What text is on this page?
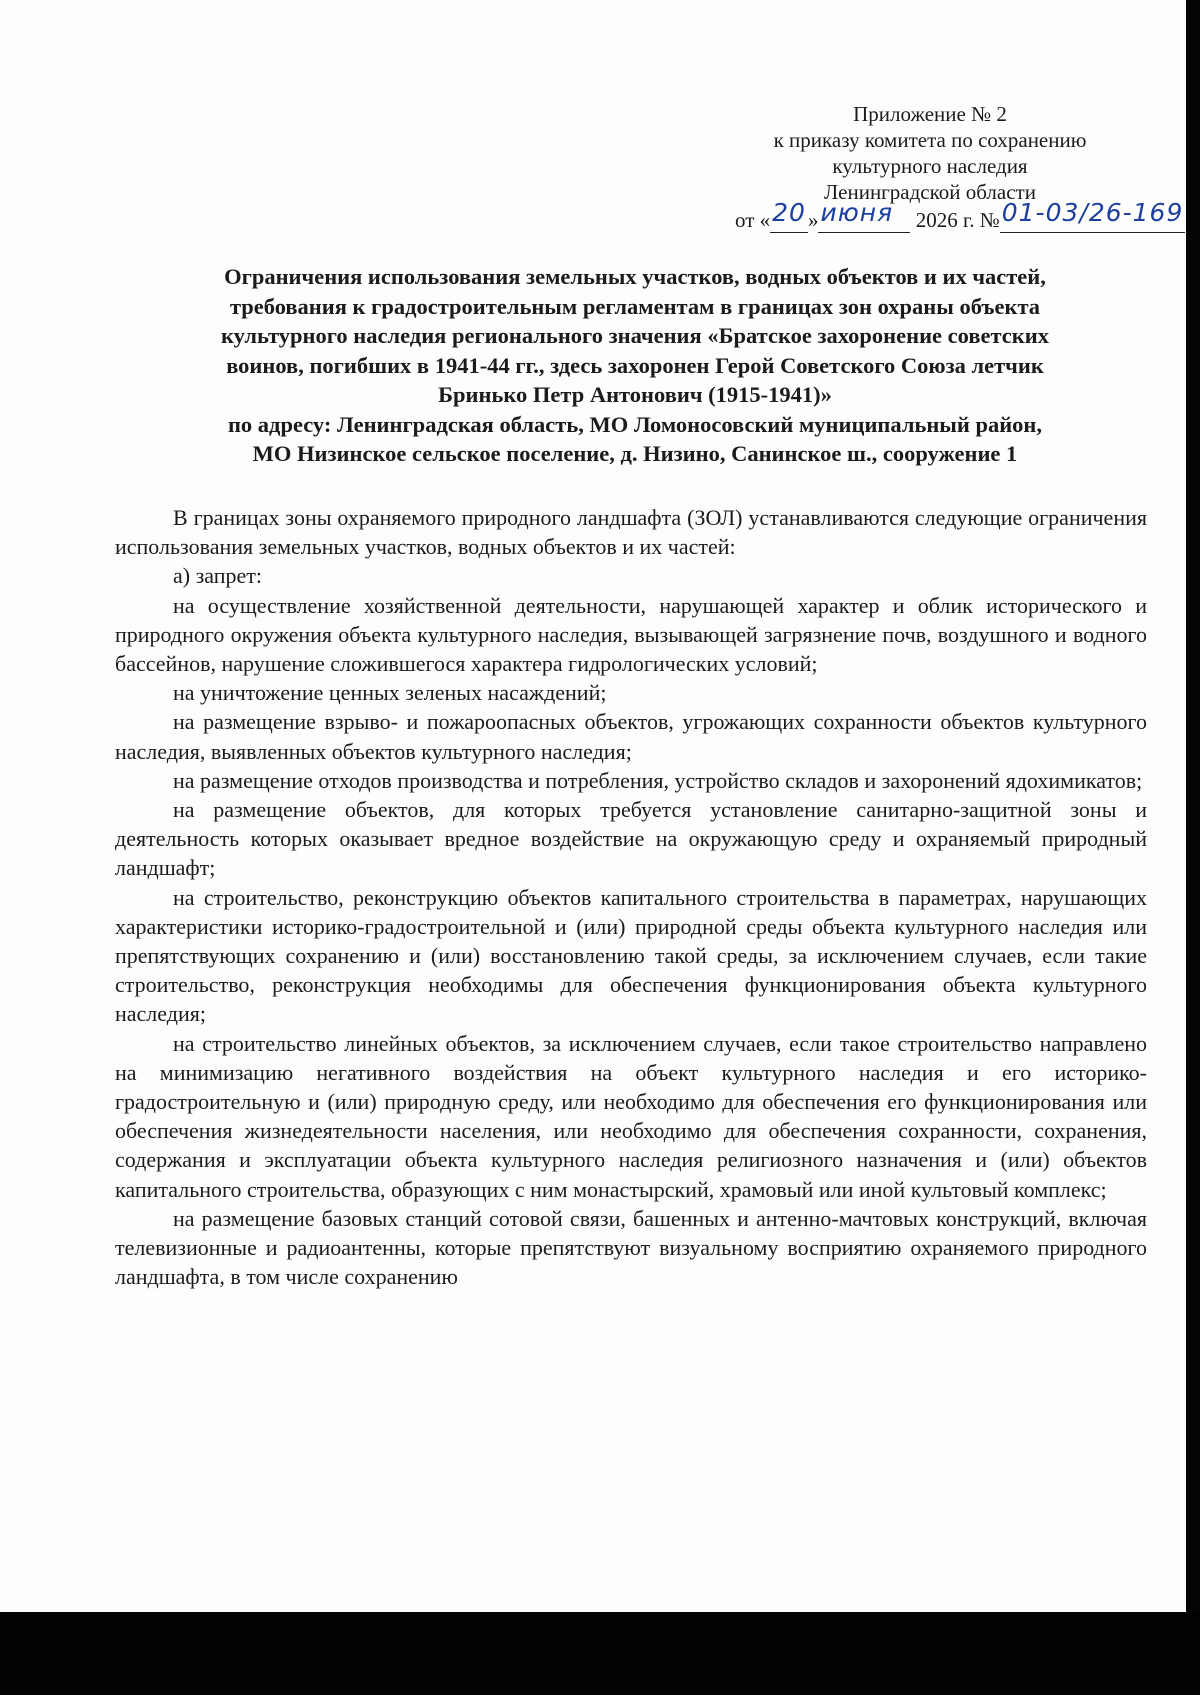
Приложение № 2
к приказу комитета по сохранению
культурного наследия
Ленинградской области
от «20»июня 2026 г. №01-03/26-169
Ограничения использования земельных участков, водных объектов и их частей,
требования к градостроительным регламентам в границах зон охраны объекта
культурного наследия регионального значения «Братское захоронение советских
воинов, погибших в 1941-44 гг., здесь захоронен Герой Советского Союза летчик
Бринько Петр Антонович (1915-1941)»
по адресу: Ленинградская область, МО Ломоносовский муниципальный район,
МО Низинское сельское поселение, д. Низино, Санинское ш., сооружение 1

В границах зоны охраняемого природного ландшафта (ЗОЛ) устанавливаются следующие ограничения использования земельных участков, водных объектов и их частей:

а) запрет:

на осуществление хозяйственной деятельности, нарушающей характер и облик исторического и природного окружения объекта культурного наследия, вызывающей загрязнение почв, воздушного и водного бассейнов, нарушение сложившегося характера гидрологических условий;

на уничтожение ценных зеленых насаждений;

на размещение взрыво- и пожароопасных объектов, угрожающих сохранности объектов культурного наследия, выявленных объектов культурного наследия;

на размещение отходов производства и потребления, устройство складов и захоронений ядохимикатов;

на размещение объектов, для которых требуется установление санитарно-защитной зоны и деятельность которых оказывает вредное воздействие на окружающую среду и охраняемый природный ландшафт;

на строительство, реконструкцию объектов капитального строительства в параметрах, нарушающих характеристики историко-градостроительной и (или) природной среды объекта культурного наследия или препятствующих сохранению и (или) восстановлению такой среды, за исключением случаев, если такие строительство, реконструкция необходимы для обеспечения функционирования объекта культурного наследия;

на строительство линейных объектов, за исключением случаев, если такое строительство направлено на минимизацию негативного воздействия на объект культурного наследия и его историко-градостроительную и (или) природную среду, или необходимо для обеспечения его функционирования или обеспечения жизнедеятельности населения, или необходимо для обеспечения сохранности, сохранения, содержания и эксплуатации объекта культурного наследия религиозного назначения и (или) объектов капитального строительства, образующих с ним монастырский, храмовый или иной культовый комплекс;

на размещение базовых станций сотовой связи, башенных и антенно-мачтовых конструкций, включая телевизионные и радиоантенны, которые препятствуют визуальному восприятию охраняемого природного ландшафта, в том числе сохранению
